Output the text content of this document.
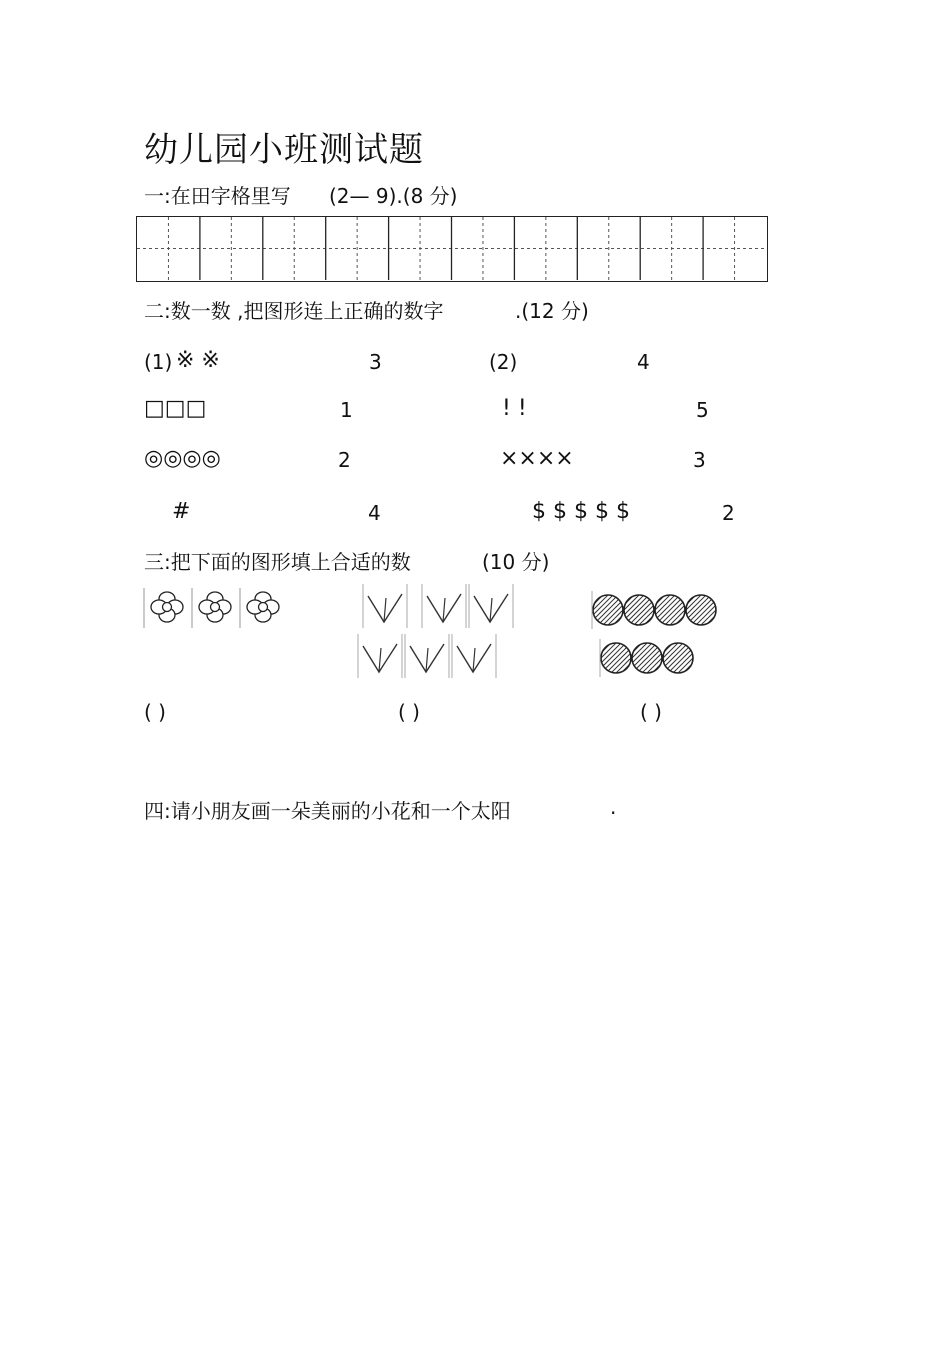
幼儿园小班测试题
一:在田字格里写 (2— 9).(8 分)
二:数一数 ,把图形连上正确的数字	.(12 分)
(1) ※ ※	3	(2)	4
□□□	1	! !	5
◎◎◎◎	2	××××	3
#	4	$ $ $ $ $	2
三:把下面的图形填上合适的数	(10 分)
( )	( )	( )
四:请小朋友画一朵美丽的小花和一个太阳	.
